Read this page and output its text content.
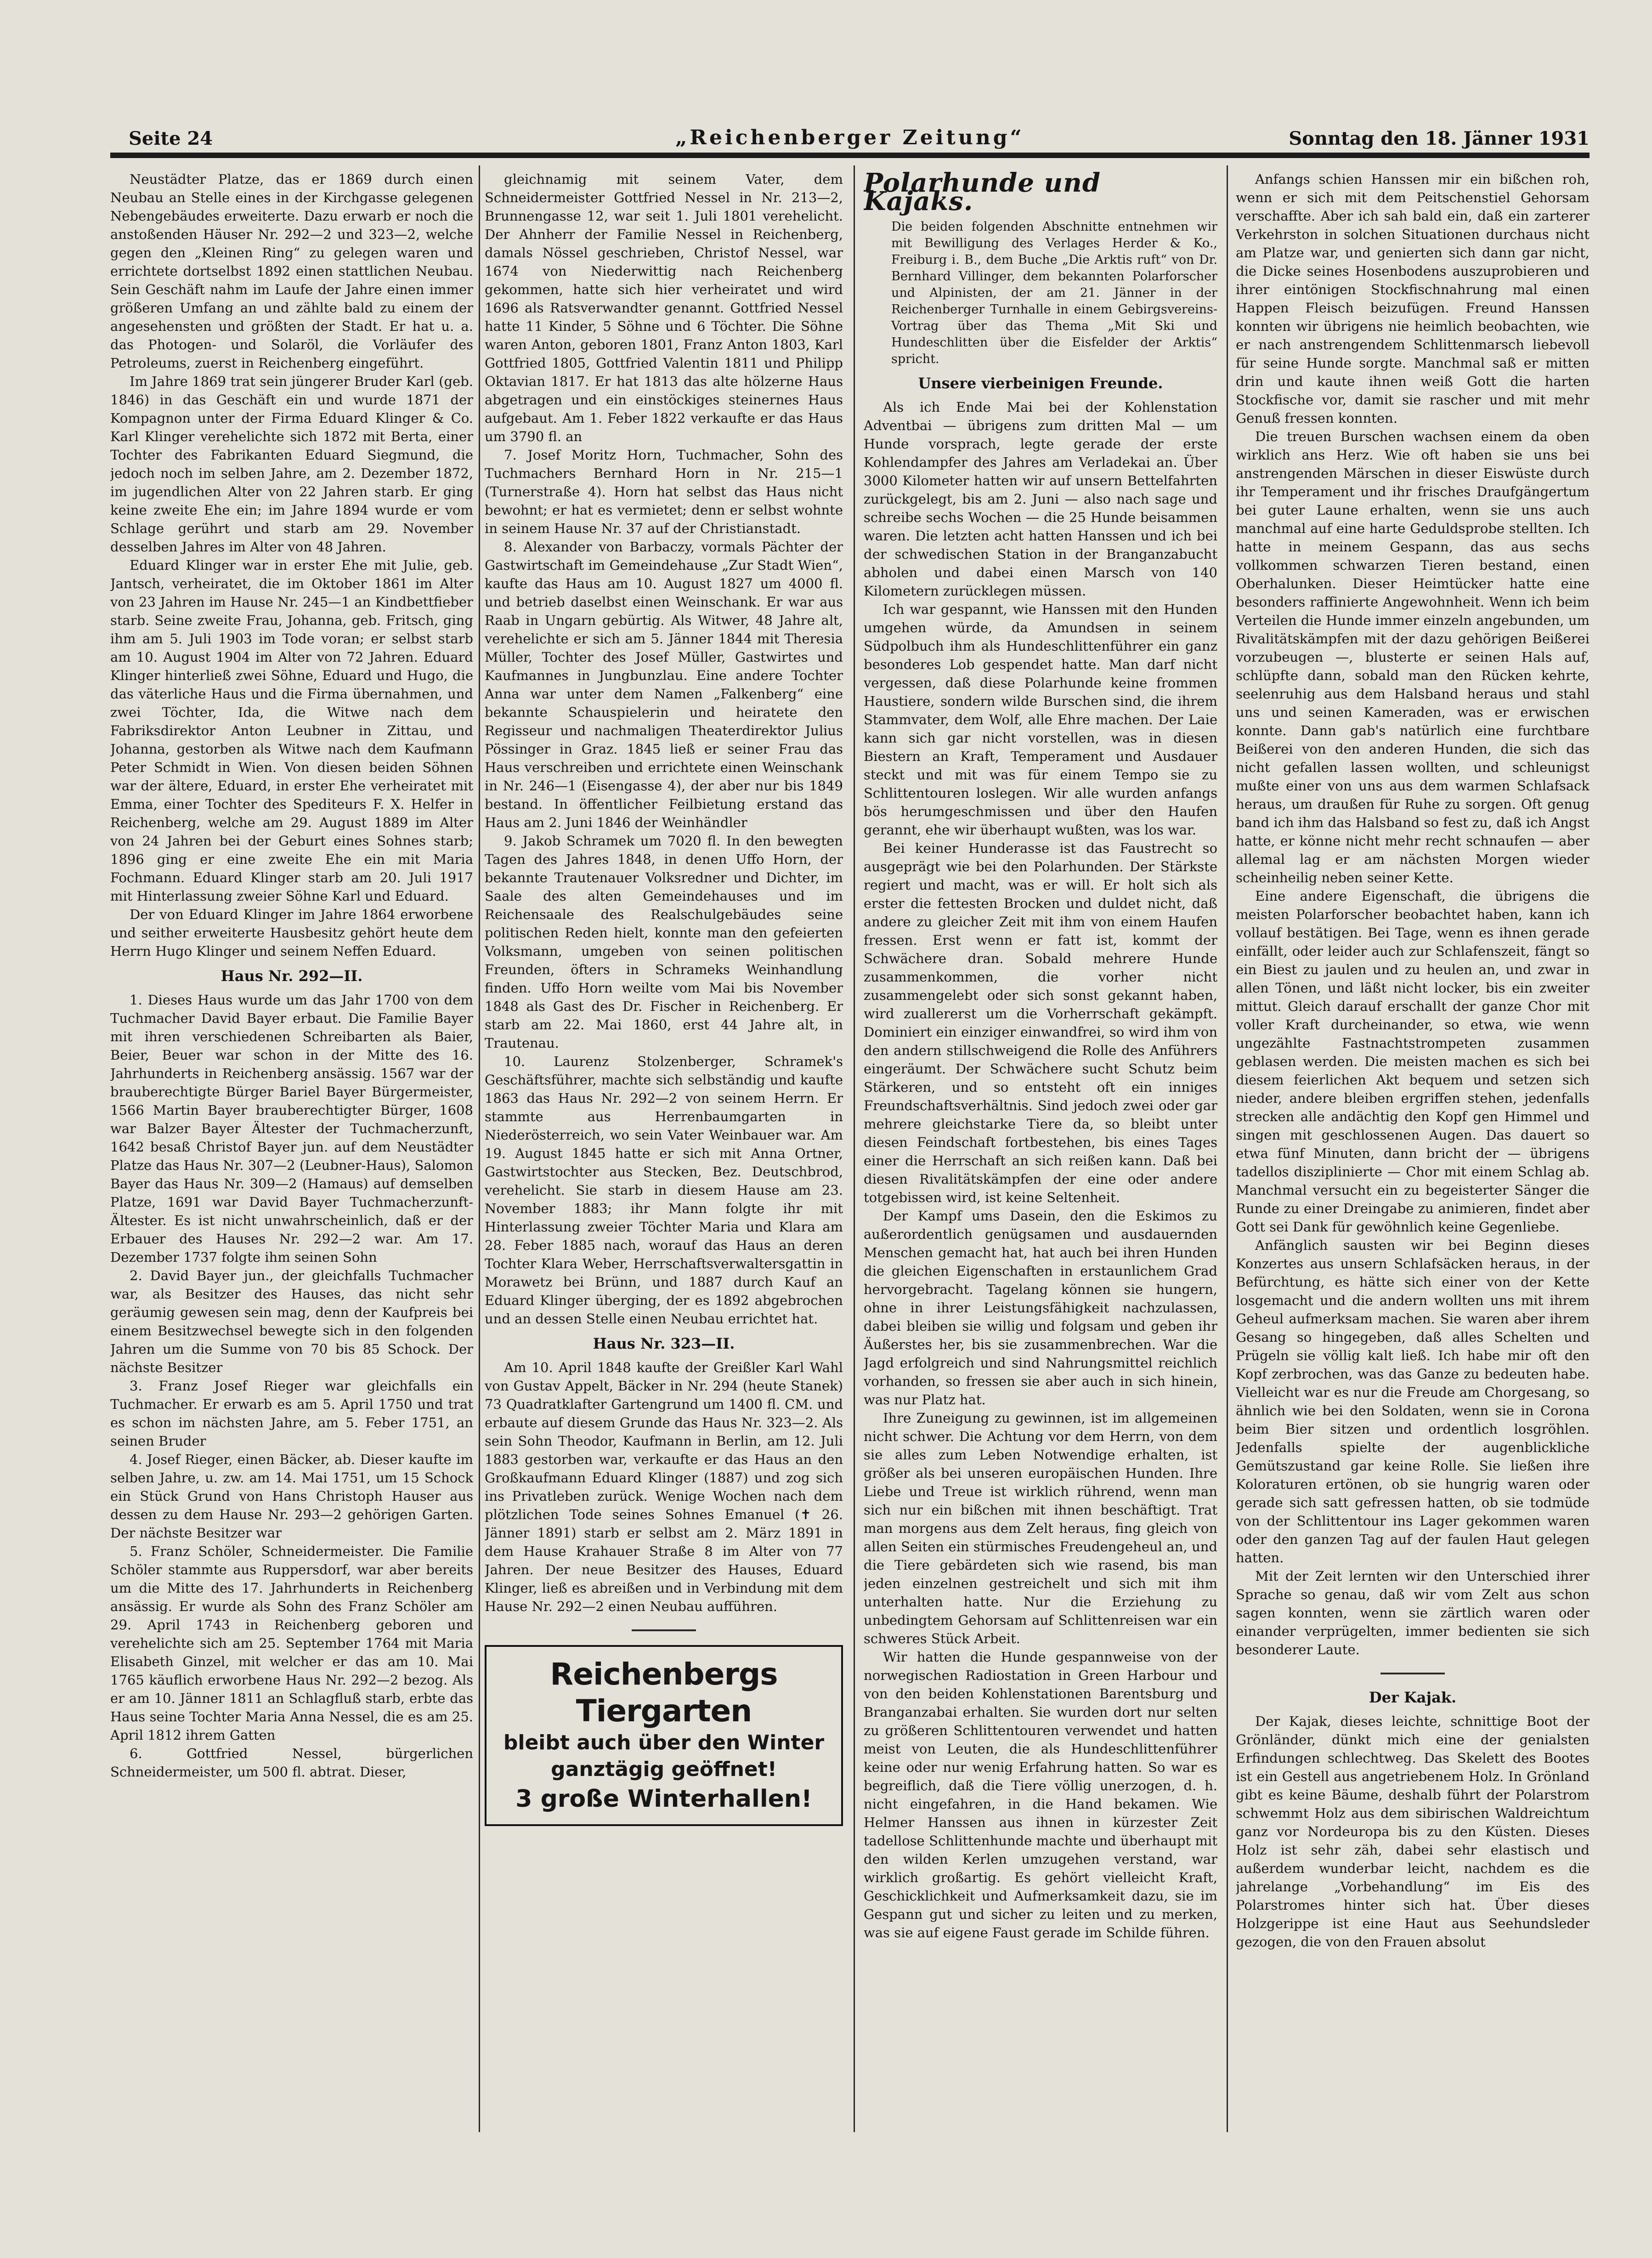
Seite 24	„Reichenberger Zeitung“	Sonntag den 18. Jänner 1931

Neustädter Platze, das er 1869 durch einen Neubau an Stelle eines in der Kirchgasse gelegenen Nebengebäudes erweiterte. Dazu erwarb er noch die anstoßenden Häuser Nr. 292—2 und 323—2, welche gegen den „Kleinen Ring“ zu gelegen waren und errichtete dortselbst 1892 einen stattlichen Neubau. Sein Geschäft nahm im Laufe der Jahre einen immer größeren Umfang an und zählte bald zu einem der angesehensten und größten der Stadt. Er hat u. a. das Photogen- und Solaröl, die Vorläufer des Petroleums, zuerst in Reichenberg eingeführt.

Im Jahre 1869 trat sein jüngerer Bruder Karl (geb. 1846) in das Geschäft ein und wurde 1871 der Kompagnon unter der Firma Eduard Klinger & Co. Karl Klinger verehelichte sich 1872 mit Berta, einer Tochter des Fabrikanten Eduard Siegmund, die jedoch noch im selben Jahre, am 2. Dezember 1872, im jugendlichen Alter von 22 Jahren starb. Er ging keine zweite Ehe ein; im Jahre 1894 wurde er vom Schlage gerührt und starb am 29. November desselben Jahres im Alter von 48 Jahren.

Eduard Klinger war in erster Ehe mit Julie, geb. Jantsch, verheiratet, die im Oktober 1861 im Alter von 23 Jahren im Hause Nr. 245—1 an Kindbettfieber starb. Seine zweite Frau, Johanna, geb. Fritsch, ging ihm am 5. Juli 1903 im Tode voran; er selbst starb am 10. August 1904 im Alter von 72 Jahren. Eduard Klinger hinterließ zwei Söhne, Eduard und Hugo, die das väterliche Haus und die Firma übernahmen, und zwei Töchter, Ida, die Witwe nach dem Fabriksdirektor Anton Leubner in Zittau, und Johanna, gestorben als Witwe nach dem Kaufmann Peter Schmidt in Wien. Von diesen beiden Söhnen war der ältere, Eduard, in erster Ehe verheiratet mit Emma, einer Tochter des Spediteurs F. X. Helfer in Reichenberg, welche am 29. August 1889 im Alter von 24 Jahren bei der Geburt eines Sohnes starb; 1896 ging er eine zweite Ehe ein mit Maria Fochmann. Eduard Klinger starb am 20. Juli 1917 mit Hinterlassung zweier Söhne Karl und Eduard.

Der von Eduard Klinger im Jahre 1864 erworbene und seither erweiterte Hausbesitz gehört heute dem Herrn Hugo Klinger und seinem Neffen Eduard.

Haus Nr. 292—II.

1. Dieses Haus wurde um das Jahr 1700 von dem Tuchmacher David Bayer erbaut. Die Familie Bayer mit ihren verschiedenen Schreibarten als Baier, Beier, Beuer war schon in der Mitte des 16. Jahrhunderts in Reichenberg ansässig. 1567 war der brauberechtigte Bürger Bariel Bayer Bürgermeister, 1566 Martin Bayer brauberechtigter Bürger, 1608 war Balzer Bayer Ältester der Tuchmacherzunft, 1642 besaß Christof Bayer jun. auf dem Neustädter Platze das Haus Nr. 307—2 (Leubner-Haus), Salomon Bayer das Haus Nr. 309—2 (Hamaus) auf demselben Platze, 1691 war David Bayer Tuchmacherzunft-Ältester. Es ist nicht unwahrscheinlich, daß er der Erbauer des Hauses Nr. 292—2 war. Am 17. Dezember 1737 folgte ihm seinen Sohn

2. David Bayer jun., der gleichfalls Tuchmacher war, als Besitzer des Hauses, das nicht sehr geräumig gewesen sein mag, denn der Kaufpreis bei einem Besitzwechsel bewegte sich in den folgenden Jahren um die Summe von 70 bis 85 Schock. Der nächste Besitzer

3. Franz Josef Rieger war gleichfalls ein Tuchmacher. Er erwarb es am 5. April 1750 und trat es schon im nächsten Jahre, am 5. Feber 1751, an seinen Bruder

4. Josef Rieger, einen Bäcker, ab. Dieser kaufte im selben Jahre, u. zw. am 14. Mai 1751, um 15 Schock ein Stück Grund von Hans Christoph Hauser aus dessen zu dem Hause Nr. 293—2 gehörigen Garten. Der nächste Besitzer war

5. Franz Schöler, Schneidermeister. Die Familie Schöler stammte aus Ruppersdorf, war aber bereits um die Mitte des 17. Jahrhunderts in Reichenberg ansässig. Er wurde als Sohn des Franz Schöler am 29. April 1743 in Reichenberg geboren und verehelichte sich am 25. September 1764 mit Maria Elisabeth Ginzel, mit welcher er das am 10. Mai 1765 käuflich erworbene Haus Nr. 292—2 bezog. Als er am 10. Jänner 1811 an Schlagfluß starb, erbte das Haus seine Tochter Maria Anna Nessel, die es am 25. April 1812 ihrem Gatten

6. Gottfried Nessel, bürgerlichen Schneidermeister, um 500 fl. abtrat. Dieser,

gleichnamig mit seinem Vater, dem Schneidermeister Gottfried Nessel in Nr. 213—2, Brunnengasse 12, war seit 1. Juli 1801 verehelicht. Der Ahnherr der Familie Nessel in Reichenberg, damals Nössel geschrieben, Christof Nessel, war 1674 von Niederwittig nach Reichenberg gekommen, hatte sich hier verheiratet und wird 1696 als Ratsverwandter genannt. Gottfried Nessel hatte 11 Kinder, 5 Söhne und 6 Töchter. Die Söhne waren Anton, geboren 1801, Franz Anton 1803, Karl Gottfried 1805, Gottfried Valentin 1811 und Philipp Oktavian 1817. Er hat 1813 das alte hölzerne Haus abgetragen und ein einstöckiges steinernes Haus aufgebaut. Am 1. Feber 1822 verkaufte er das Haus um 3790 fl. an

7. Josef Moritz Horn, Tuchmacher, Sohn des Tuchmachers Bernhard Horn in Nr. 215—1 (Turnerstraße 4). Horn hat selbst das Haus nicht bewohnt; er hat es vermietet; denn er selbst wohnte in seinem Hause Nr. 37 auf der Christianstadt.

8. Alexander von Barbaczy, vormals Pächter der Gastwirtschaft im Gemeindehause „Zur Stadt Wien“, kaufte das Haus am 10. August 1827 um 4000 fl. und betrieb daselbst einen Weinschank. Er war aus Raab in Ungarn gebürtig. Als Witwer, 48 Jahre alt, verehelichte er sich am 5. Jänner 1844 mit Theresia Müller, Tochter des Josef Müller, Gastwirtes und Kaufmannes in Jungbunzlau. Eine andere Tochter Anna war unter dem Namen „Falkenberg“ eine bekannte Schauspielerin und heiratete den Regisseur und nachmaligen Theaterdirektor Julius Pössinger in Graz. 1845 ließ er seiner Frau das Haus verschreiben und errichtete einen Weinschank in Nr. 246—1 (Eisengasse 4), der aber nur bis 1849 bestand. In öffentlicher Feilbietung erstand das Haus am 2. Juni 1846 der Weinhändler

9. Jakob Schramek um 7020 fl. In den bewegten Tagen des Jahres 1848, in denen Uffo Horn, der bekannte Trautenauer Volksredner und Dichter, im Saale des alten Gemeindehauses und im Reichensaale des Realschulgebäudes seine politischen Reden hielt, konnte man den gefeierten Volksmann, umgeben von seinen politischen Freunden, öfters in Schrameks Weinhandlung finden. Uffo Horn weilte vom Mai bis November 1848 als Gast des Dr. Fischer in Reichenberg. Er starb am 22. Mai 1860, erst 44 Jahre alt, in Trautenau.

10. Laurenz Stolzenberger, Schramek's Geschäftsführer, machte sich selbständig und kaufte 1863 das Haus Nr. 292—2 von seinem Herrn. Er stammte aus Herrenbaumgarten in Niederösterreich, wo sein Vater Weinbauer war. Am 19. August 1845 hatte er sich mit Anna Ortner, Gastwirtstochter aus Stecken, Bez. Deutschbrod, verehelicht. Sie starb in diesem Hause am 23. November 1883; ihr Mann folgte ihr mit Hinterlassung zweier Töchter Maria und Klara am 28. Feber 1885 nach, worauf das Haus an deren Tochter Klara Weber, Herrschaftsverwaltersgattin in Morawetz bei Brünn, und 1887 durch Kauf an Eduard Klinger überging, der es 1892 abgebrochen und an dessen Stelle einen Neubau errichtet hat.

Haus Nr. 323—II.

Am 10. April 1848 kaufte der Greißler Karl Wahl von Gustav Appelt, Bäcker in Nr. 294 (heute Stanek) 73 Quadratklafter Gartengrund um 1400 fl. CM. und erbaute auf diesem Grunde das Haus Nr. 323—2. Als sein Sohn Theodor, Kaufmann in Berlin, am 12. Juli 1883 gestorben war, verkaufte er das Haus an den Großkaufmann Eduard Klinger (1887) und zog sich ins Privatleben zurück. Wenige Wochen nach dem plötzlichen Tode seines Sohnes Emanuel (✝ 26. Jänner 1891) starb er selbst am 2. März 1891 in dem Hause Krahauer Straße 8 im Alter von 77 Jahren. Der neue Besitzer des Hauses, Eduard Klinger, ließ es abreißen und in Verbindung mit dem Hause Nr. 292—2 einen Neubau aufführen.

Reichenbergs Tiergarten
bleibt auch über den Winter
ganztägig geöffnet!
3 große Winterhallen!
Polarhunde und Kajaks.

Die beiden folgenden Abschnitte entnehmen wir mit Bewilligung des Verlages Herder & Ko., Freiburg i. B., dem Buche „Die Arktis ruft“ von Dr. Bernhard Villinger, dem bekannten Polarforscher und Alpinisten, der am 21. Jänner in der Reichenberger Turnhalle in einem Gebirgsvereins-Vortrag über das Thema „Mit Ski und Hundeschlitten über die Eisfelder der Arktis“ spricht.

Unsere vierbeinigen Freunde.

Als ich Ende Mai bei der Kohlenstation Adventbai — übrigens zum dritten Mal — um Hunde vorsprach, legte gerade der erste Kohlendampfer des Jahres am Verladekai an. Über 3000 Kilometer hatten wir auf unsern Bettelfahrten zurückgelegt, bis am 2. Juni — also nach sage und schreibe sechs Wochen — die 25 Hunde beisammen waren. Die letzten acht hatten Hanssen und ich bei der schwedischen Station in der Branganzabucht abholen und dabei einen Marsch von 140 Kilometern zurücklegen müssen.

Ich war gespannt, wie Hanssen mit den Hunden umgehen würde, da Amundsen in seinem Südpolbuch ihm als Hundeschlittenführer ein ganz besonderes Lob gespendet hatte. Man darf nicht vergessen, daß diese Polarhunde keine frommen Haustiere, sondern wilde Burschen sind, die ihrem Stammvater, dem Wolf, alle Ehre machen. Der Laie kann sich gar nicht vorstellen, was in diesen Biestern an Kraft, Temperament und Ausdauer steckt und mit was für einem Tempo sie zu Schlittentouren loslegen. Wir alle wurden anfangs bös herumgeschmissen und über den Haufen gerannt, ehe wir überhaupt wußten, was los war.

Bei keiner Hunderasse ist das Faustrecht so ausgeprägt wie bei den Polarhunden. Der Stärkste regiert und macht, was er will. Er holt sich als erster die fettesten Brocken und duldet nicht, daß andere zu gleicher Zeit mit ihm von einem Haufen fressen. Erst wenn er fatt ist, kommt der Schwächere dran. Sobald mehrere Hunde zusammenkommen, die vorher nicht zusammengelebt oder sich sonst gekannt haben, wird zuallererst um die Vorherrschaft gekämpft. Dominiert ein einziger einwandfrei, so wird ihm von den andern stillschweigend die Rolle des Anführers eingeräumt. Der Schwächere sucht Schutz beim Stärkeren, und so entsteht oft ein inniges Freundschaftsverhältnis. Sind jedoch zwei oder gar mehrere gleichstarke Tiere da, so bleibt unter diesen Feindschaft fortbestehen, bis eines Tages einer die Herrschaft an sich reißen kann. Daß bei diesen Rivalitätskämpfen der eine oder andere totgebissen wird, ist keine Seltenheit.

Der Kampf ums Dasein, den die Eskimos zu außerordentlich genügsamen und ausdauernden Menschen gemacht hat, hat auch bei ihren Hunden die gleichen Eigenschaften in erstaunlichem Grad hervorgebracht. Tagelang können sie hungern, ohne in ihrer Leistungsfähigkeit nachzulassen, dabei bleiben sie willig und folgsam und geben ihr Äußerstes her, bis sie zusammenbrechen. War die Jagd erfolgreich und sind Nahrungsmittel reichlich vorhanden, so fressen sie aber auch in sich hinein, was nur Platz hat.

Ihre Zuneigung zu gewinnen, ist im allgemeinen nicht schwer. Die Achtung vor dem Herrn, von dem sie alles zum Leben Notwendige erhalten, ist größer als bei unseren europäischen Hunden. Ihre Liebe und Treue ist wirklich rührend, wenn man sich nur ein bißchen mit ihnen beschäftigt. Trat man morgens aus dem Zelt heraus, fing gleich von allen Seiten ein stürmisches Freudengeheul an, und die Tiere gebärdeten sich wie rasend, bis man jeden einzelnen gestreichelt und sich mit ihm unterhalten hatte. Nur die Erziehung zu unbedingtem Gehorsam auf Schlittenreisen war ein schweres Stück Arbeit.

Wir hatten die Hunde gespannweise von der norwegischen Radiostation in Green Harbour und von den beiden Kohlenstationen Barentsburg und Branganzabai erhalten. Sie wurden dort nur selten zu größeren Schlittentouren verwendet und hatten meist von Leuten, die als Hundeschlittenführer keine oder nur wenig Erfahrung hatten. So war es begreiflich, daß die Tiere völlig unerzogen, d. h. nicht eingefahren, in die Hand bekamen. Wie Helmer Hanssen aus ihnen in kürzester Zeit tadellose Schlittenhunde machte und überhaupt mit den wilden Kerlen umzugehen verstand, war wirklich großartig. Es gehört vielleicht Kraft, Geschicklichkeit und Aufmerksamkeit dazu, sie im Gespann gut und sicher zu leiten und zu merken, was sie auf eigene Faust gerade im Schilde führen.

Anfangs schien Hanssen mir ein bißchen roh, wenn er sich mit dem Peitschenstiel Gehorsam verschaffte. Aber ich sah bald ein, daß ein zarterer Verkehrston in solchen Situationen durchaus nicht am Platze war, und genierten sich dann gar nicht, die Dicke seines Hosenbodens auszuprobieren und ihrer eintönigen Stockfischnahrung mal einen Happen Fleisch beizufügen. Freund Hanssen konnten wir übrigens nie heimlich beobachten, wie er nach anstrengendem Schlittenmarsch liebevoll für seine Hunde sorgte. Manchmal saß er mitten drin und kaute ihnen weiß Gott die harten Stockfische vor, damit sie rascher und mit mehr Genuß fressen konnten.

Die treuen Burschen wachsen einem da oben wirklich ans Herz. Wie oft haben sie uns bei anstrengenden Märschen in dieser Eiswüste durch ihr Temperament und ihr frisches Draufgängertum bei guter Laune erhalten, wenn sie uns auch manchmal auf eine harte Geduldsprobe stellten. Ich hatte in meinem Gespann, das aus sechs vollkommen schwarzen Tieren bestand, einen Oberhalunken. Dieser Heimtücker hatte eine besonders raffinierte Angewohnheit. Wenn ich beim Verteilen die Hunde immer einzeln angebunden, um Rivalitätskämpfen mit der dazu gehörigen Beißerei vorzubeugen —, blusterte er seinen Hals auf, schlüpfte dann, sobald man den Rücken kehrte, seelenruhig aus dem Halsband heraus und stahl uns und seinen Kameraden, was er erwischen konnte. Dann gab's natürlich eine furchtbare Beißerei von den anderen Hunden, die sich das nicht gefallen lassen wollten, und schleunigst mußte einer von uns aus dem warmen Schlafsack heraus, um draußen für Ruhe zu sorgen. Oft genug band ich ihm das Halsband so fest zu, daß ich Angst hatte, er könne nicht mehr recht schnaufen — aber allemal lag er am nächsten Morgen wieder scheinheilig neben seiner Kette.

Eine andere Eigenschaft, die übrigens die meisten Polarforscher beobachtet haben, kann ich vollauf bestätigen. Bei Tage, wenn es ihnen gerade einfällt, oder leider auch zur Schlafenszeit, fängt so ein Biest zu jaulen und zu heulen an, und zwar in allen Tönen, und läßt nicht locker, bis ein zweiter mittut. Gleich darauf erschallt der ganze Chor mit voller Kraft durcheinander, so etwa, wie wenn ungezählte Fastnachtstrompeten zusammen geblasen werden. Die meisten machen es sich bei diesem feierlichen Akt bequem und setzen sich nieder, andere bleiben ergriffen stehen, jedenfalls strecken alle andächtig den Kopf gen Himmel und singen mit geschlossenen Augen. Das dauert so etwa fünf Minuten, dann bricht der — übrigens tadellos disziplinierte — Chor mit einem Schlag ab. Manchmal versucht ein zu begeisterter Sänger die Runde zu einer Dreingabe zu animieren, findet aber Gott sei Dank für gewöhnlich keine Gegenliebe.

Anfänglich sausten wir bei Beginn dieses Konzertes aus unsern Schlafsäcken heraus, in der Befürchtung, es hätte sich einer von der Kette losgemacht und die andern wollten uns mit ihrem Geheul aufmerksam machen. Sie waren aber ihrem Gesang so hingegeben, daß alles Schelten und Prügeln sie völlig kalt ließ. Ich habe mir oft den Kopf zerbrochen, was das Ganze zu bedeuten habe. Vielleicht war es nur die Freude am Chorgesang, so ähnlich wie bei den Soldaten, wenn sie in Corona beim Bier sitzen und ordentlich losgröhlen. Jedenfalls spielte der augenblickliche Gemütszustand gar keine Rolle. Sie ließen ihre Koloraturen ertönen, ob sie hungrig waren oder gerade sich satt gefressen hatten, ob sie todmüde von der Schlittentour ins Lager gekommen waren oder den ganzen Tag auf der faulen Haut gelegen hatten.

Mit der Zeit lernten wir den Unterschied ihrer Sprache so genau, daß wir vom Zelt aus schon sagen konnten, wenn sie zärtlich waren oder einander verprügelten, immer bedienten sie sich besonderer Laute.

Der Kajak.

Der Kajak, dieses leichte, schnittige Boot der Grönländer, dünkt mich eine der genialsten Erfindungen schlechtweg. Das Skelett des Bootes ist ein Gestell aus angetriebenem Holz. In Grönland gibt es keine Bäume, deshalb führt der Polarstrom schwemmt Holz aus dem sibirischen Waldreichtum ganz vor Nordeuropa bis zu den Küsten. Dieses Holz ist sehr zäh, dabei sehr elastisch und außerdem wunderbar leicht, nachdem es die jahrelange „Vorbehandlung“ im Eis des Polarstromes hinter sich hat. Über dieses Holzgerippe ist eine Haut aus Seehundsleder gezogen, die von den Frauen absolut
